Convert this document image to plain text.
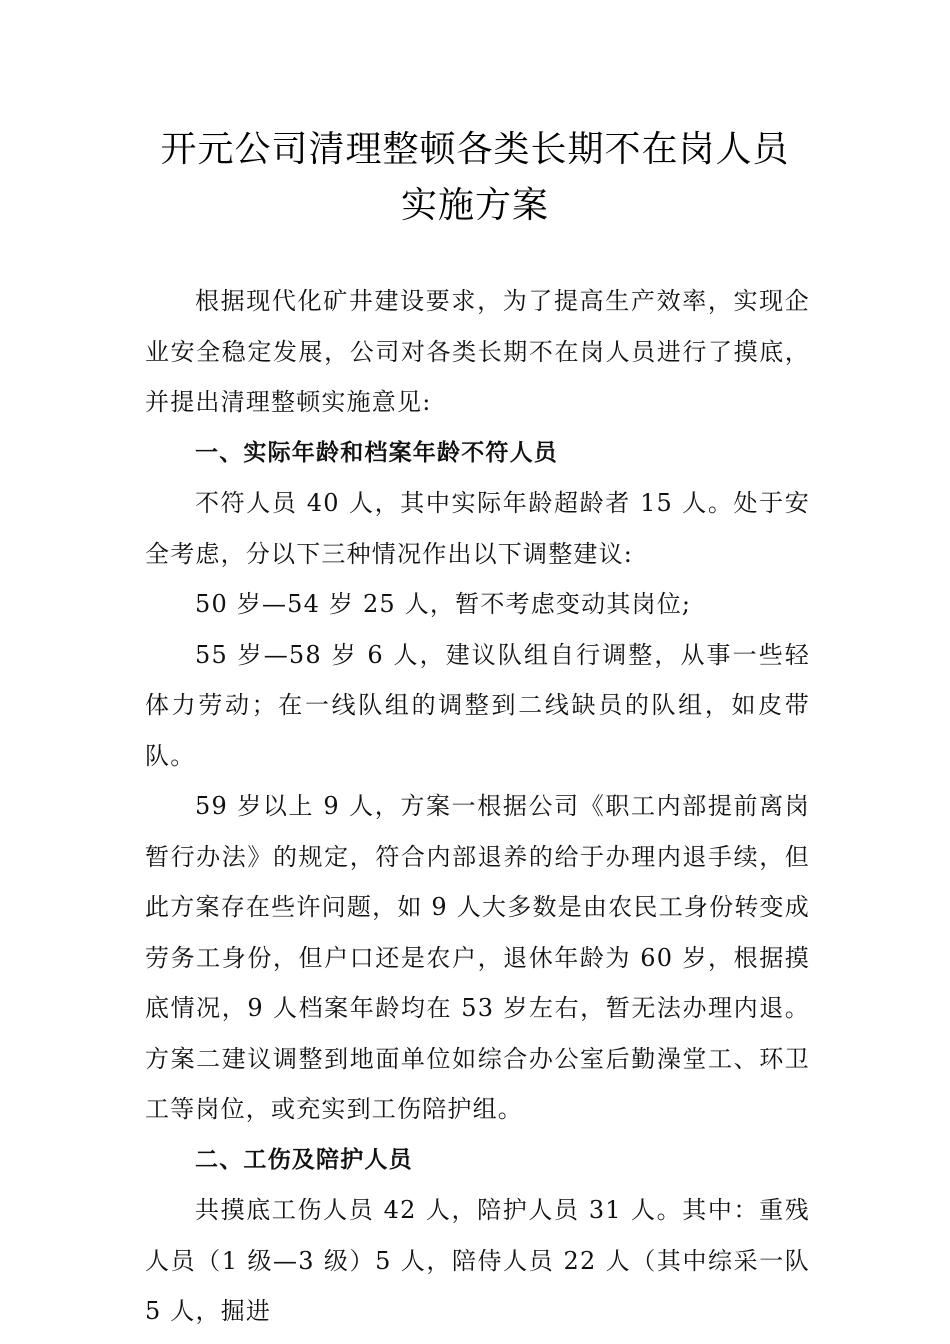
开元公司清理整顿各类长期不在岗人员

实施方案

根据现代化矿井建设要求，为了提高生产效率，实现企业安全稳定发展，公司对各类长期不在岗人员进行了摸底，并提出清理整顿实施意见:

一、实际年龄和档案年龄不符人员

不符人员 40 人，其中实际年龄超龄者 15 人。处于安全考虑，分以下三种情况作出以下调整建议:

50 岁—54 岁 25 人，暂不考虑变动其岗位;

55 岁—58 岁 6 人，建议队组自行调整，从事一些轻体力劳动；在一线队组的调整到二线缺员的队组，如皮带队。

59 岁以上 9 人，方案一根据公司《职工内部提前离岗暂行办法》的规定，符合内部退养的给于办理内退手续，但此方案存在些许问题，如 9 人大多数是由农民工身份转变成劳务工身份，但户口还是农户，退休年龄为 60 岁，根据摸底情况，9 人档案年龄均在 53 岁左右，暂无法办理内退。方案二建议调整到地面单位如综合办公室后勤澡堂工、环卫工等岗位，或充实到工伤陪护组。

二、工伤及陪护人员

共摸底工伤人员 42 人，陪护人员 31 人。其中：重残人员（1 级—3 级）5 人，陪侍人员 22 人（其中综采一队 5 人，掘进
